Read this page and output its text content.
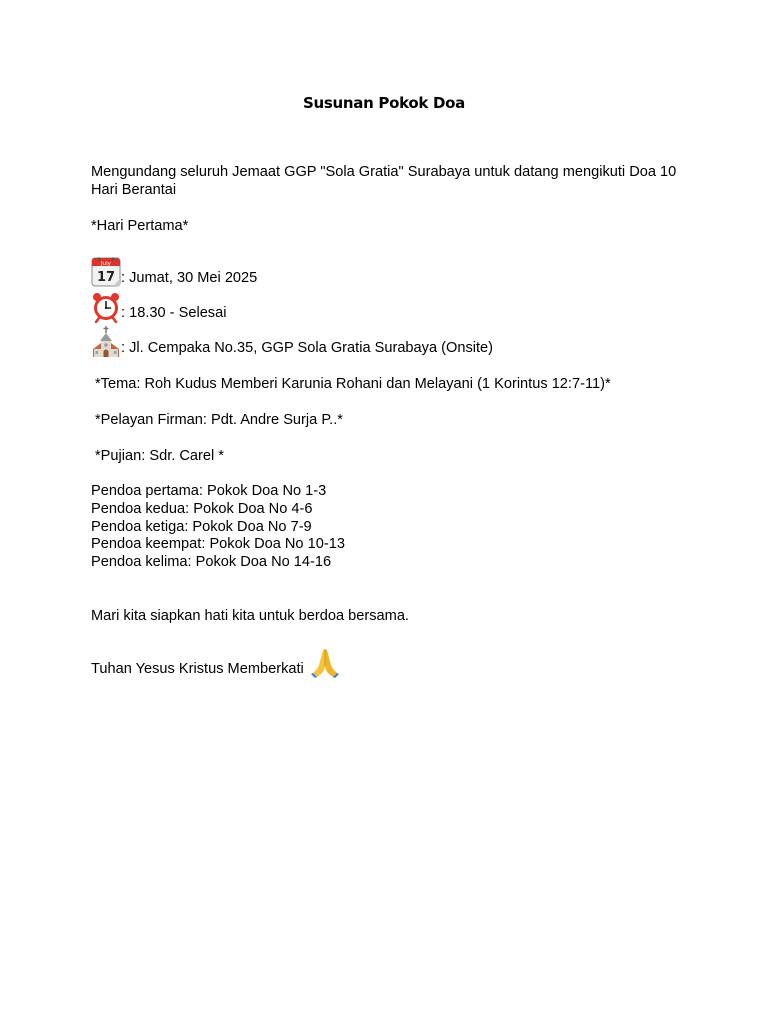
Susunan Pokok Doa
Mengundang seluruh Jemaat GGP "Sola Gratia" Surabaya untuk datang mengikuti Doa 10 Hari Berantai
*Hari Pertama*
July
17 : Jumat, 30 Mei 2025
: 18.30 - Selesai
: Jl. Cempaka No.35, GGP Sola Gratia Surabaya (Onsite)
*Tema: Roh Kudus Memberi Karunia Rohani dan Melayani (1 Korintus 12:7-11)*
*Pelayan Firman: Pdt. Andre Surja P..*
*Pujian: Sdr. Carel *
Pendoa pertama: Pokok Doa No 1-3
Pendoa kedua: Pokok Doa No 4-6
Pendoa ketiga: Pokok Doa No 7-9
Pendoa keempat: Pokok Doa No 10-13
Pendoa kelima: Pokok Doa No 14-16
Mari kita siapkan hati kita untuk berdoa bersama.
Tuhan Yesus Kristus Memberkati
